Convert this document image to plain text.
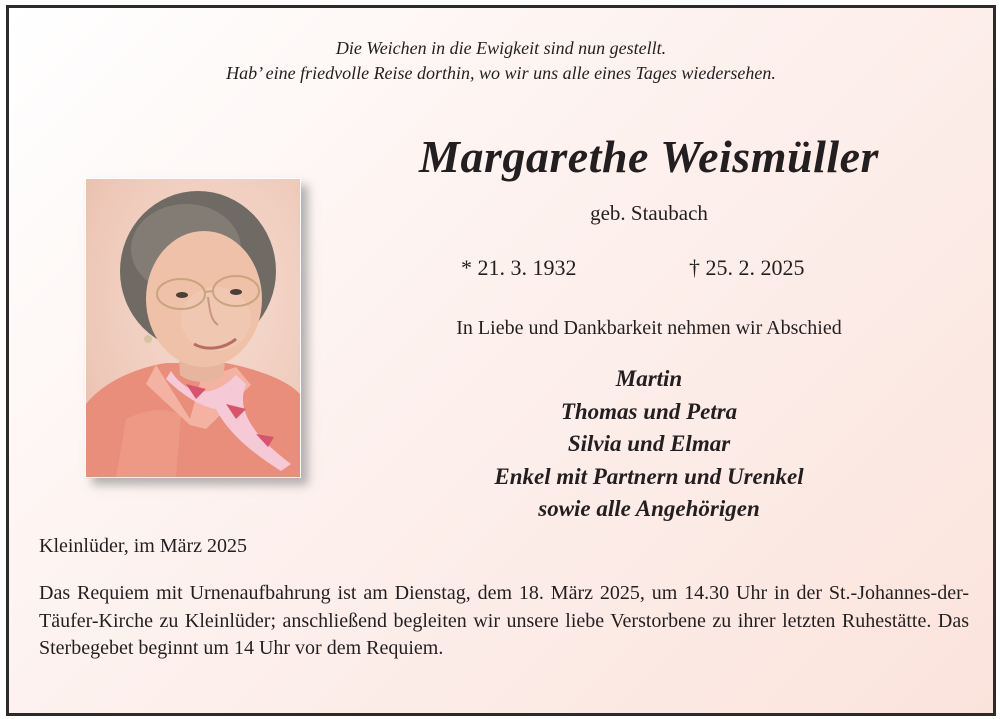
Die Weichen in die Ewigkeit sind nun gestellt.
Hab’ eine friedvolle Reise dorthin, wo wir uns alle eines Tages wiedersehen.
Margarethe Weismüller
geb. Staubach
* 21. 3. 1932	† 25. 2. 2025
In Liebe und Dankbarkeit nehmen wir Abschied
Martin
Thomas und Petra
Silvia und Elmar
Enkel mit Partnern und Urenkel
sowie alle Angehörigen
Kleinlüder, im März 2025
Das Requiem mit Urnenaufbahrung ist am Dienstag, dem 18. März 2025, um 14.30 Uhr in der St.-Johannes-der-Täufer-Kirche zu Kleinlüder; anschließend begleiten wir unsere liebe Verstorbene zu ihrer letzten Ruhestätte. Das Sterbegebet beginnt um 14 Uhr vor dem Requiem.
